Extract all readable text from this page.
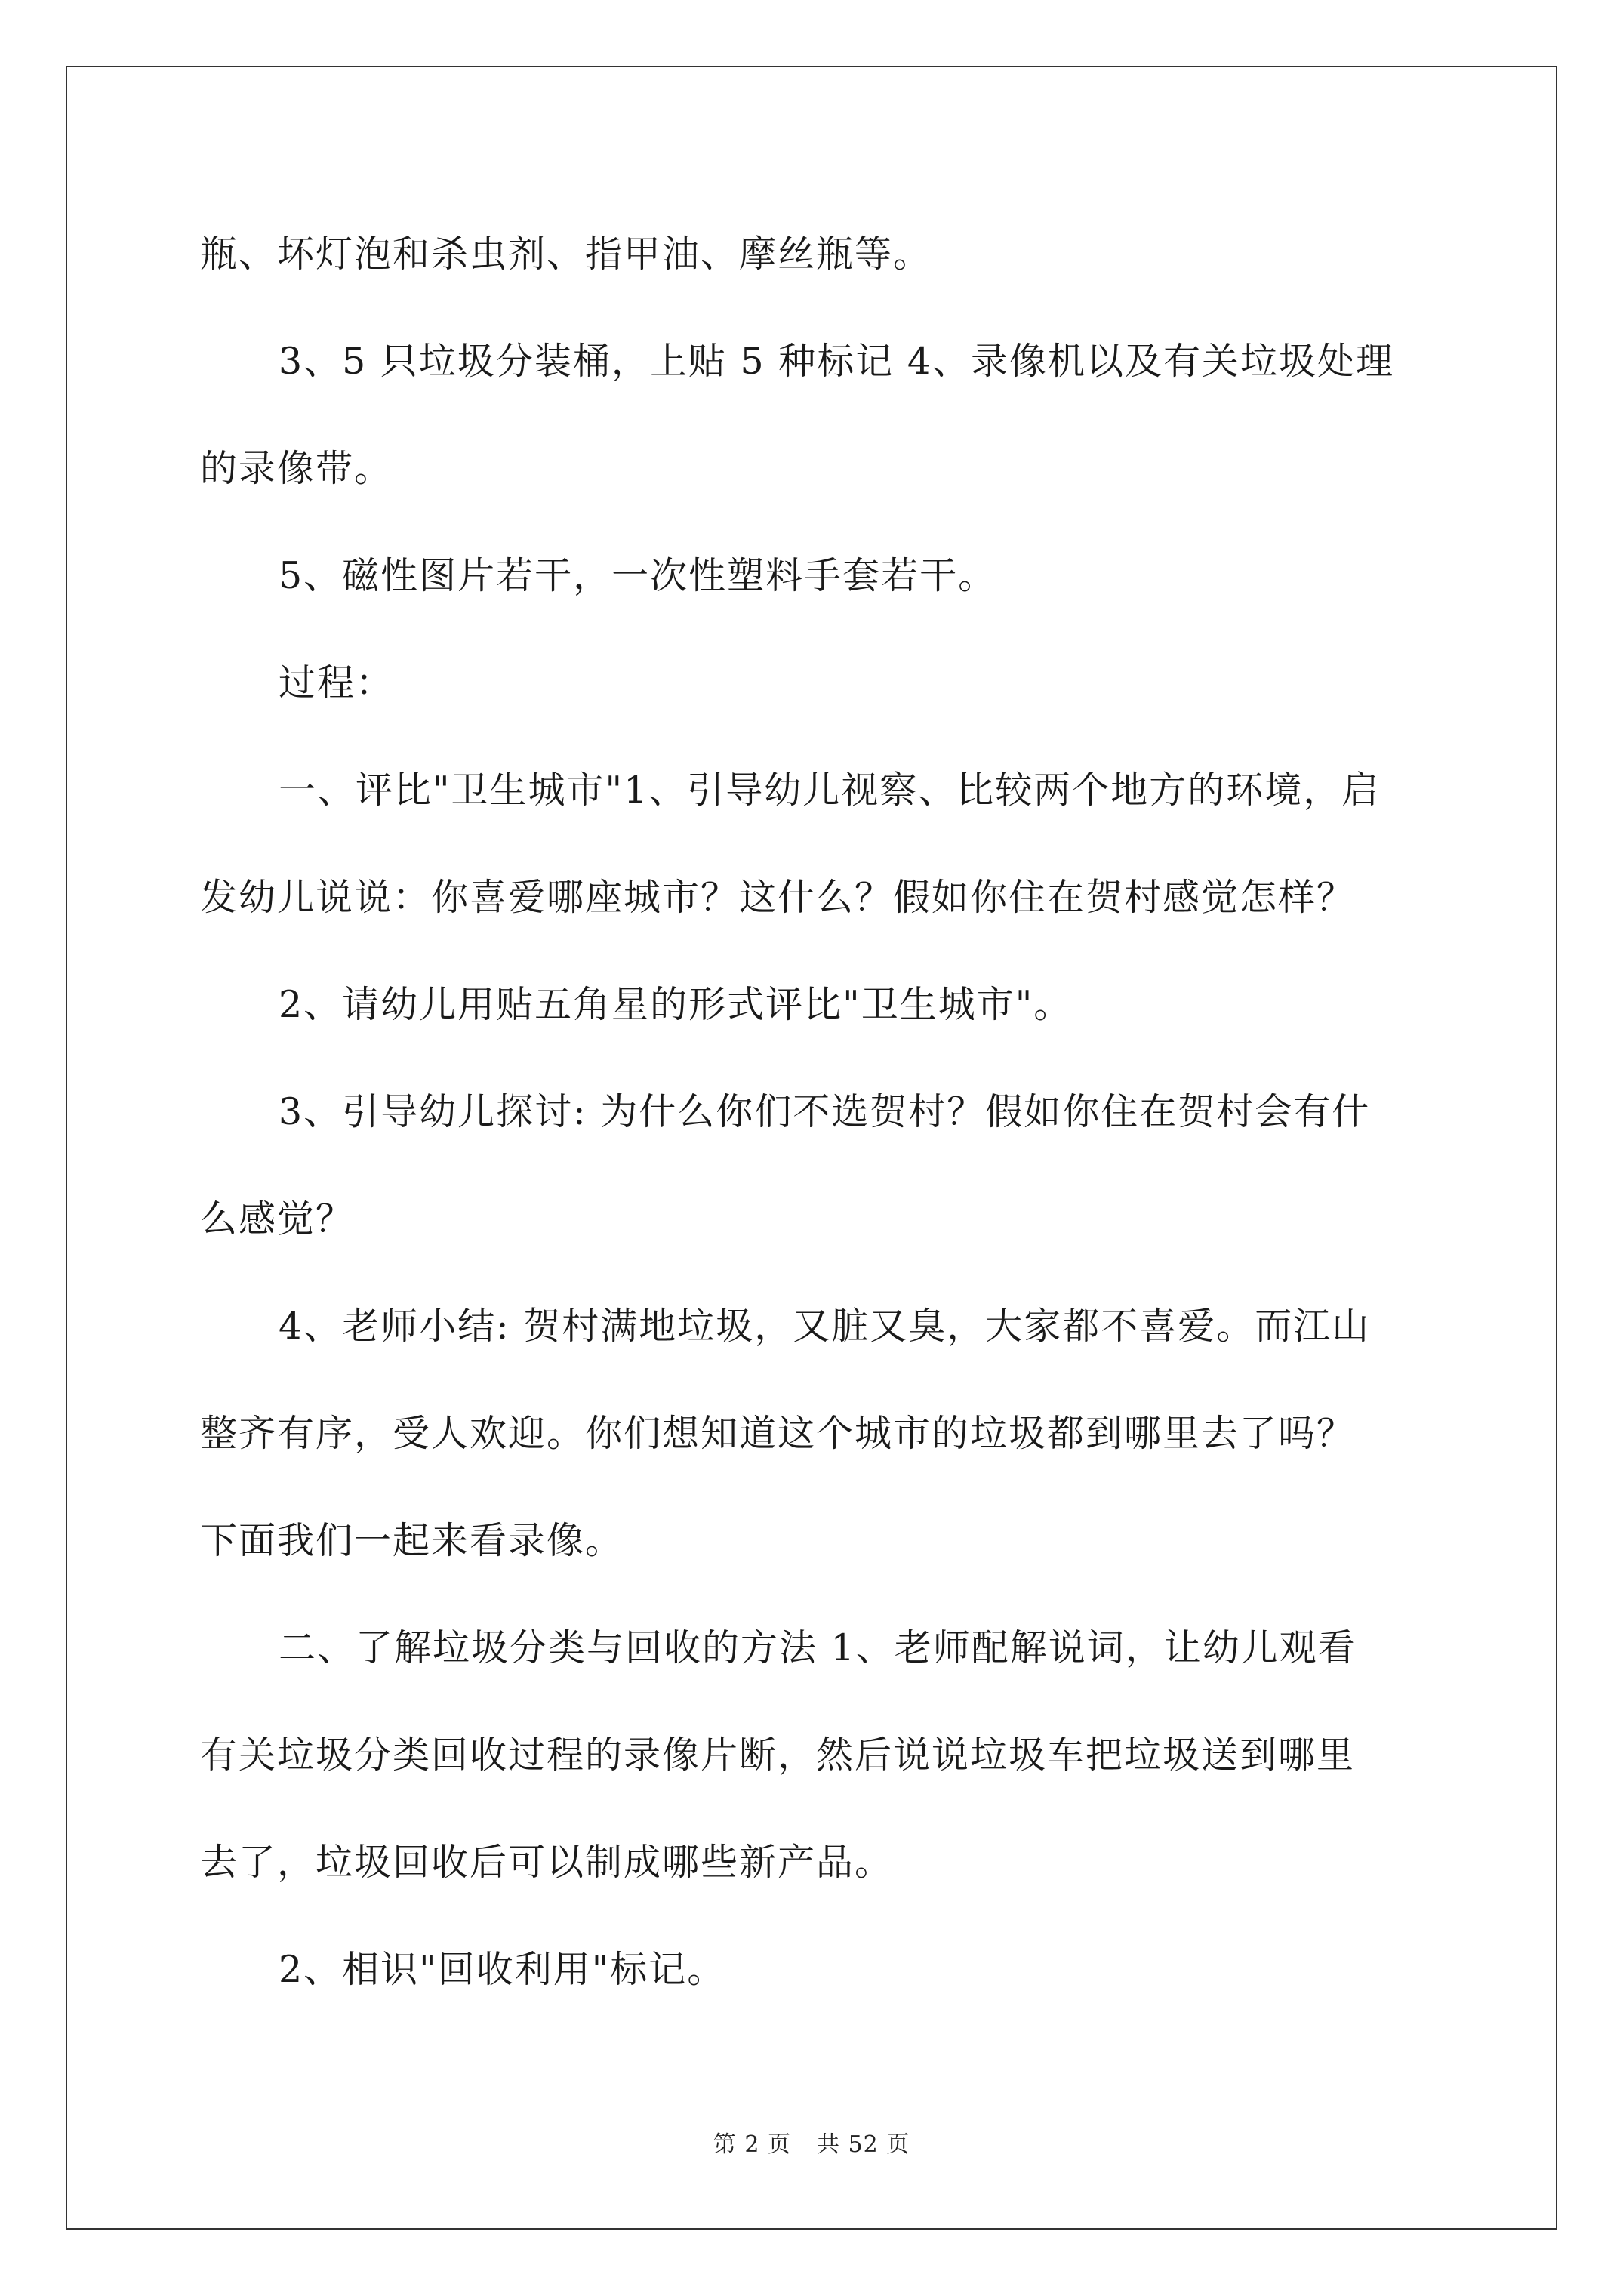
瓶、坏灯泡和杀虫剂、指甲油、摩丝瓶等。

3、5 只垃圾分装桶，上贴 5 种标记 4、录像机以及有关垃圾处理

的录像带。

5、磁性图片若干，一次性塑料手套若干。

过程：

一、评比"卫生城市"1、引导幼儿视察、比较两个地方的环境，启

发幼儿说说：你喜爱哪座城市？这什么？假如你住在贺村感觉怎样？

2、请幼儿用贴五角星的形式评比"卫生城市"。

3、引导幼儿探讨: 为什么你们不选贺村？假如你住在贺村会有什

么感觉？

4、老师小结: 贺村满地垃圾，又脏又臭，大家都不喜爱。而江山

整齐有序，受人欢迎。你们想知道这个城市的垃圾都到哪里去了吗？

下面我们一起来看录像。

二、了解垃圾分类与回收的方法 1、老师配解说词，让幼儿观看

有关垃圾分类回收过程的录像片断，然后说说垃圾车把垃圾送到哪里

去了，垃圾回收后可以制成哪些新产品。

2、相识"回收利用"标记。

第 2 页 共 52 页
